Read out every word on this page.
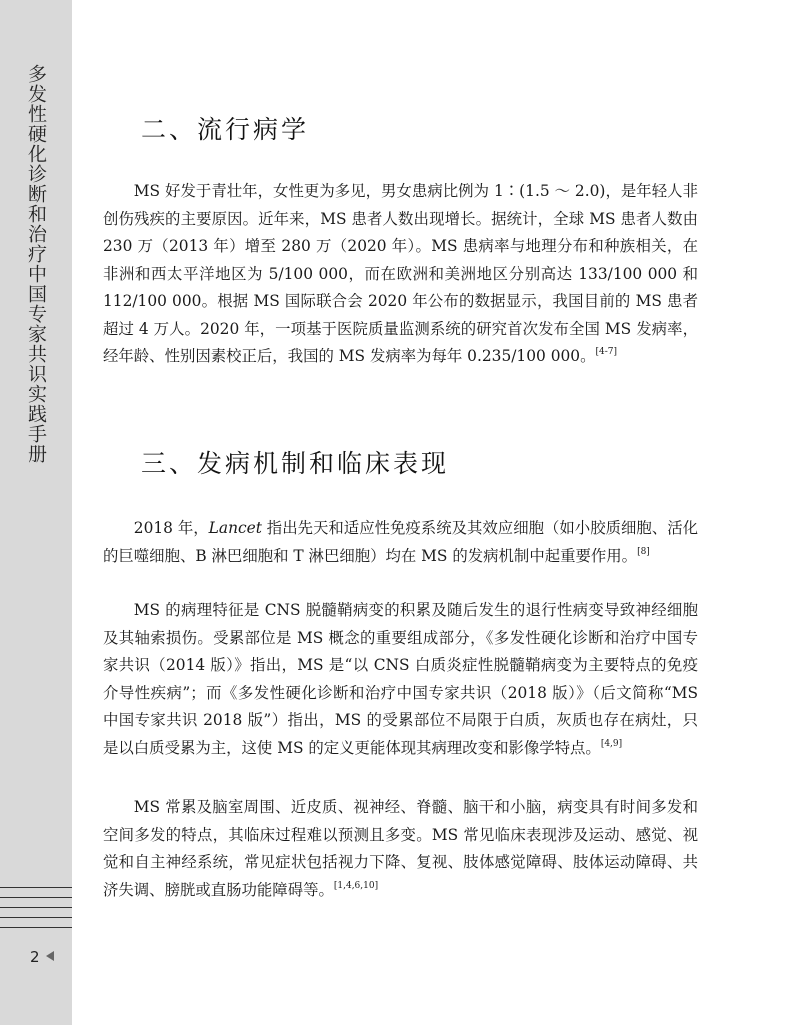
多发性硬化诊断和治疗中国专家共识实践手册
2
二、流行病学

MS 好发于青壮年，女性更为多见，男女患病比例为 1∶(1.5 ～ 2.0)，是年轻人非创伤残疾的主要原因。近年来，MS 患者人数出现增长。据统计，全球 MS 患者人数由 230 万（2013 年）增至 280 万（2020 年）。MS 患病率与地理分布和种族相关，在非洲和西太平洋地区为 5/100 000，而在欧洲和美洲地区分别高达 133/100 000 和 112/100 000。根据 MS 国际联合会 2020 年公布的数据显示，我国目前的 MS 患者超过 4 万人。2020 年，一项基于医院质量监测系统的研究首次发布全国 MS 发病率，经年龄、性别因素校正后，我国的 MS 发病率为每年 0.235/100 000。[4-7]

三、发病机制和临床表现

2018 年，Lancet 指出先天和适应性免疫系统及其效应细胞（如小胶质细胞、活化的巨噬细胞、B 淋巴细胞和 T 淋巴细胞）均在 MS 的发病机制中起重要作用。[8]

MS 的病理特征是 CNS 脱髓鞘病变的积累及随后发生的退行性病变导致神经细胞及其轴索损伤。受累部位是 MS 概念的重要组成部分，《多发性硬化诊断和治疗中国专家共识（2014 版）》指出，MS 是“以 CNS 白质炎症性脱髓鞘病变为主要特点的免疫介导性疾病”；而《多发性硬化诊断和治疗中国专家共识（2018 版）》（后文简称“MS 中国专家共识 2018 版”）指出，MS 的受累部位不局限于白质，灰质也存在病灶，只是以白质受累为主，这使 MS 的定义更能体现其病理改变和影像学特点。[4,9]

MS 常累及脑室周围、近皮质、视神经、脊髓、脑干和小脑，病变具有时间多发和空间多发的特点，其临床过程难以预测且多变。MS 常见临床表现涉及运动、感觉、视觉和自主神经系统，常见症状包括视力下降、复视、肢体感觉障碍、肢体运动障碍、共济失调、膀胱或直肠功能障碍等。[1,4,6,10]
